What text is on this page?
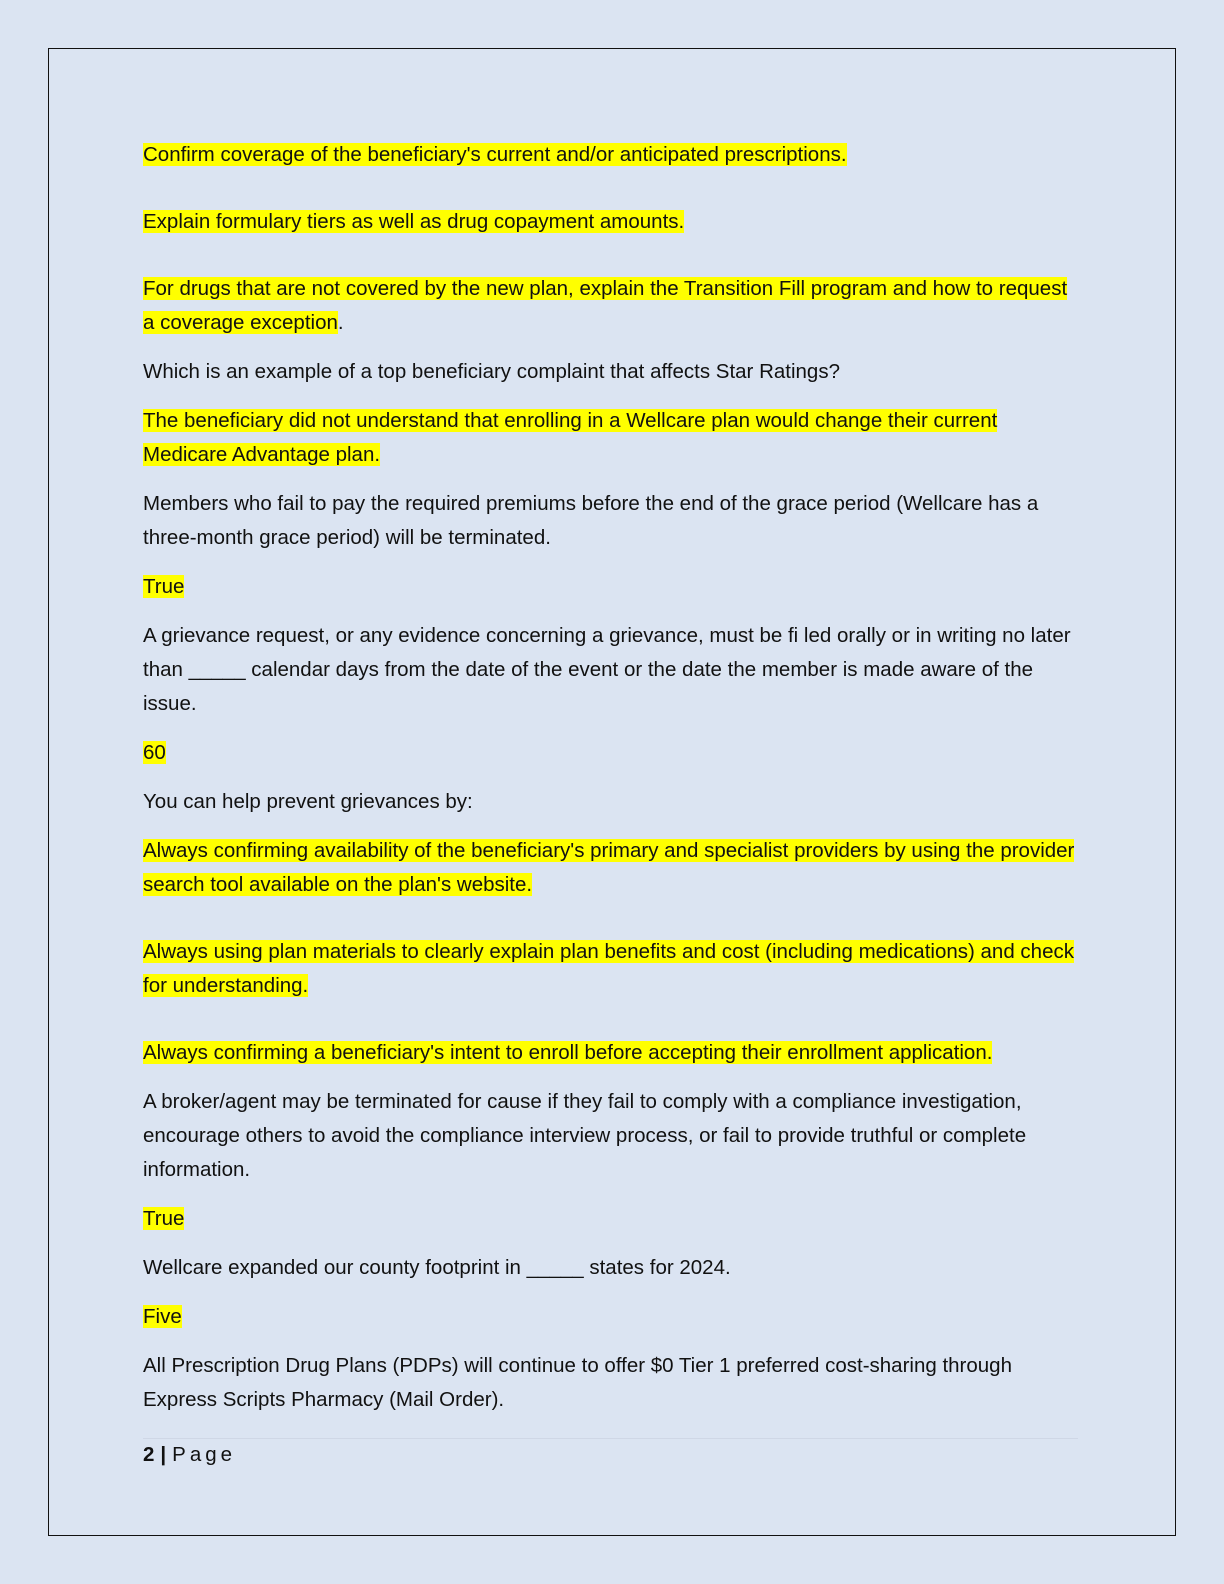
Confirm coverage of the beneficiary's current and/or anticipated prescriptions.

Explain formulary tiers as well as drug copayment amounts.

For drugs that are not covered by the new plan, explain the Transition Fill program and how to request a coverage exception.

Which is an example of a top beneficiary complaint that affects Star Ratings?

The beneficiary did not understand that enrolling in a Wellcare plan would change their current Medicare Advantage plan.

Members who fail to pay the required premiums before the end of the grace period (Wellcare has a three-month grace period) will be terminated.

True

A grievance request, or any evidence concerning a grievance, must be fi led orally or in writing no later than _____ calendar days from the date of the event or the date the member is made aware of the issue.

60

You can help prevent grievances by:

Always confirming availability of the beneficiary's primary and specialist providers by using the provider search tool available on the plan's website.

Always using plan materials to clearly explain plan benefits and cost (including medications) and check for understanding.

Always confirming a beneficiary's intent to enroll before accepting their enrollment application.

A broker/agent may be terminated for cause if they fail to comply with a compliance investigation, encourage others to avoid the compliance interview process, or fail to provide truthful or complete information.

True

Wellcare expanded our county footprint in _____ states for 2024.

Five

All Prescription Drug Plans (PDPs) will continue to offer $0 Tier 1 preferred cost-sharing through Express Scripts Pharmacy (Mail Order).

2 | Page
